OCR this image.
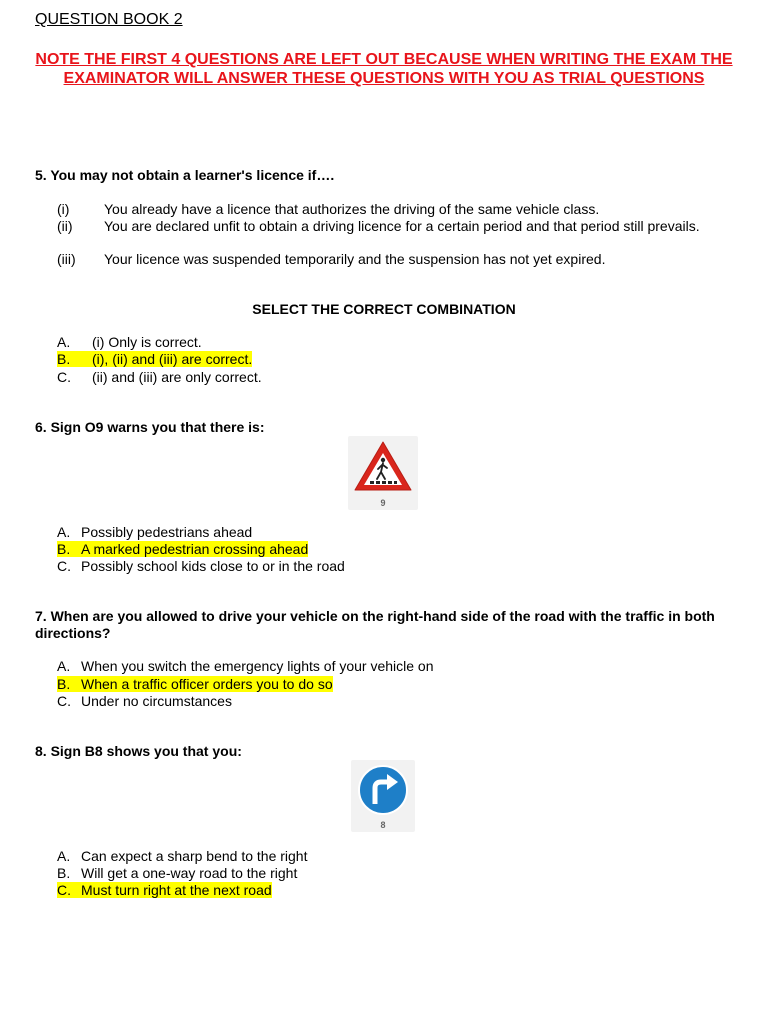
QUESTION BOOK 2
NOTE THE FIRST 4 QUESTIONS ARE LEFT OUT BECAUSE WHEN WRITING THE EXAM THE EXAMINATOR WILL ANSWER THESE QUESTIONS WITH YOU AS TRIAL QUESTIONS
5. You may not obtain a learner's licence if….
(i) You already have a licence that authorizes the driving of the same vehicle class.
(ii) You are declared unfit to obtain a driving licence for a certain period and that period still prevails.
(iii) Your licence was suspended temporarily and the suspension has not yet expired.
SELECT THE CORRECT COMBINATION
A. (i) Only is correct.
B. (i), (ii) and (iii) are correct.
C. (ii) and (iii) are only correct.
6. Sign O9 warns you that there is:
9
A. Possibly pedestrians ahead
B. A marked pedestrian crossing ahead
C. Possibly school kids close to or in the road
7. When are you allowed to drive your vehicle on the right-hand side of the road with the traffic in both directions?
A. When you switch the emergency lights of your vehicle on
B. When a traffic officer orders you to do so
C. Under no circumstances
8. Sign B8 shows you that you:
8
A. Can expect a sharp bend to the right
B. Will get a one-way road to the right
C. Must turn right at the next road
